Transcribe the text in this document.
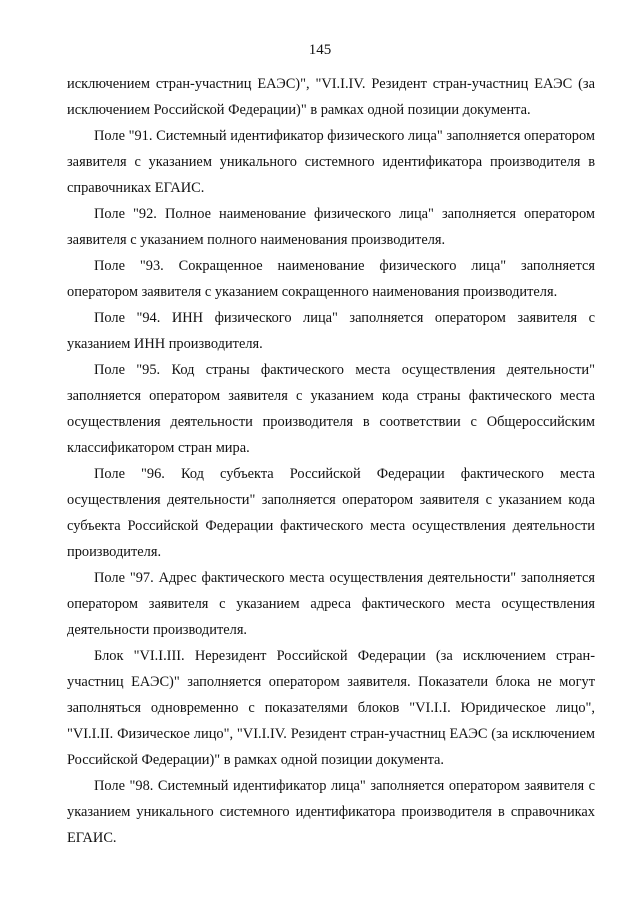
145

исключением стран-участниц ЕАЭС)", "VI.I.IV. Резидент стран-участниц ЕАЭС (за исключением Российской Федерации)" в рамках одной позиции документа.

Поле "91. Системный идентификатор физического лица" заполняется оператором заявителя с указанием уникального системного идентификатора производителя в справочниках ЕГАИС.

Поле "92. Полное наименование физического лица" заполняется оператором заявителя с указанием полного наименования производителя.

Поле "93. Сокращенное наименование физического лица" заполняется оператором заявителя с указанием сокращенного наименования производителя.

Поле "94. ИНН физического лица" заполняется оператором заявителя с указанием ИНН производителя.

Поле "95. Код страны фактического места осуществления деятельности" заполняется оператором заявителя с указанием кода страны фактического места осуществления деятельности производителя в соответствии с Общероссийским классификатором стран мира.

Поле "96. Код субъекта Российской Федерации фактического места осуществления деятельности" заполняется оператором заявителя с указанием кода субъекта Российской Федерации фактического места осуществления деятельности производителя.

Поле "97. Адрес фактического места осуществления деятельности" заполняется оператором заявителя с указанием адреса фактического места осуществления деятельности производителя.

Блок "VI.I.III. Нерезидент Российской Федерации (за исключением стран-участниц ЕАЭС)" заполняется оператором заявителя. Показатели блока не могут заполняться одновременно с показателями блоков "VI.I.I. Юридическое лицо", "VI.I.II. Физическое лицо", "VI.I.IV. Резидент стран-участниц ЕАЭС (за исключением Российской Федерации)" в рамках одной позиции документа.

Поле "98. Системный идентификатор лица" заполняется оператором заявителя с указанием уникального системного идентификатора производителя в справочниках ЕГАИС.
